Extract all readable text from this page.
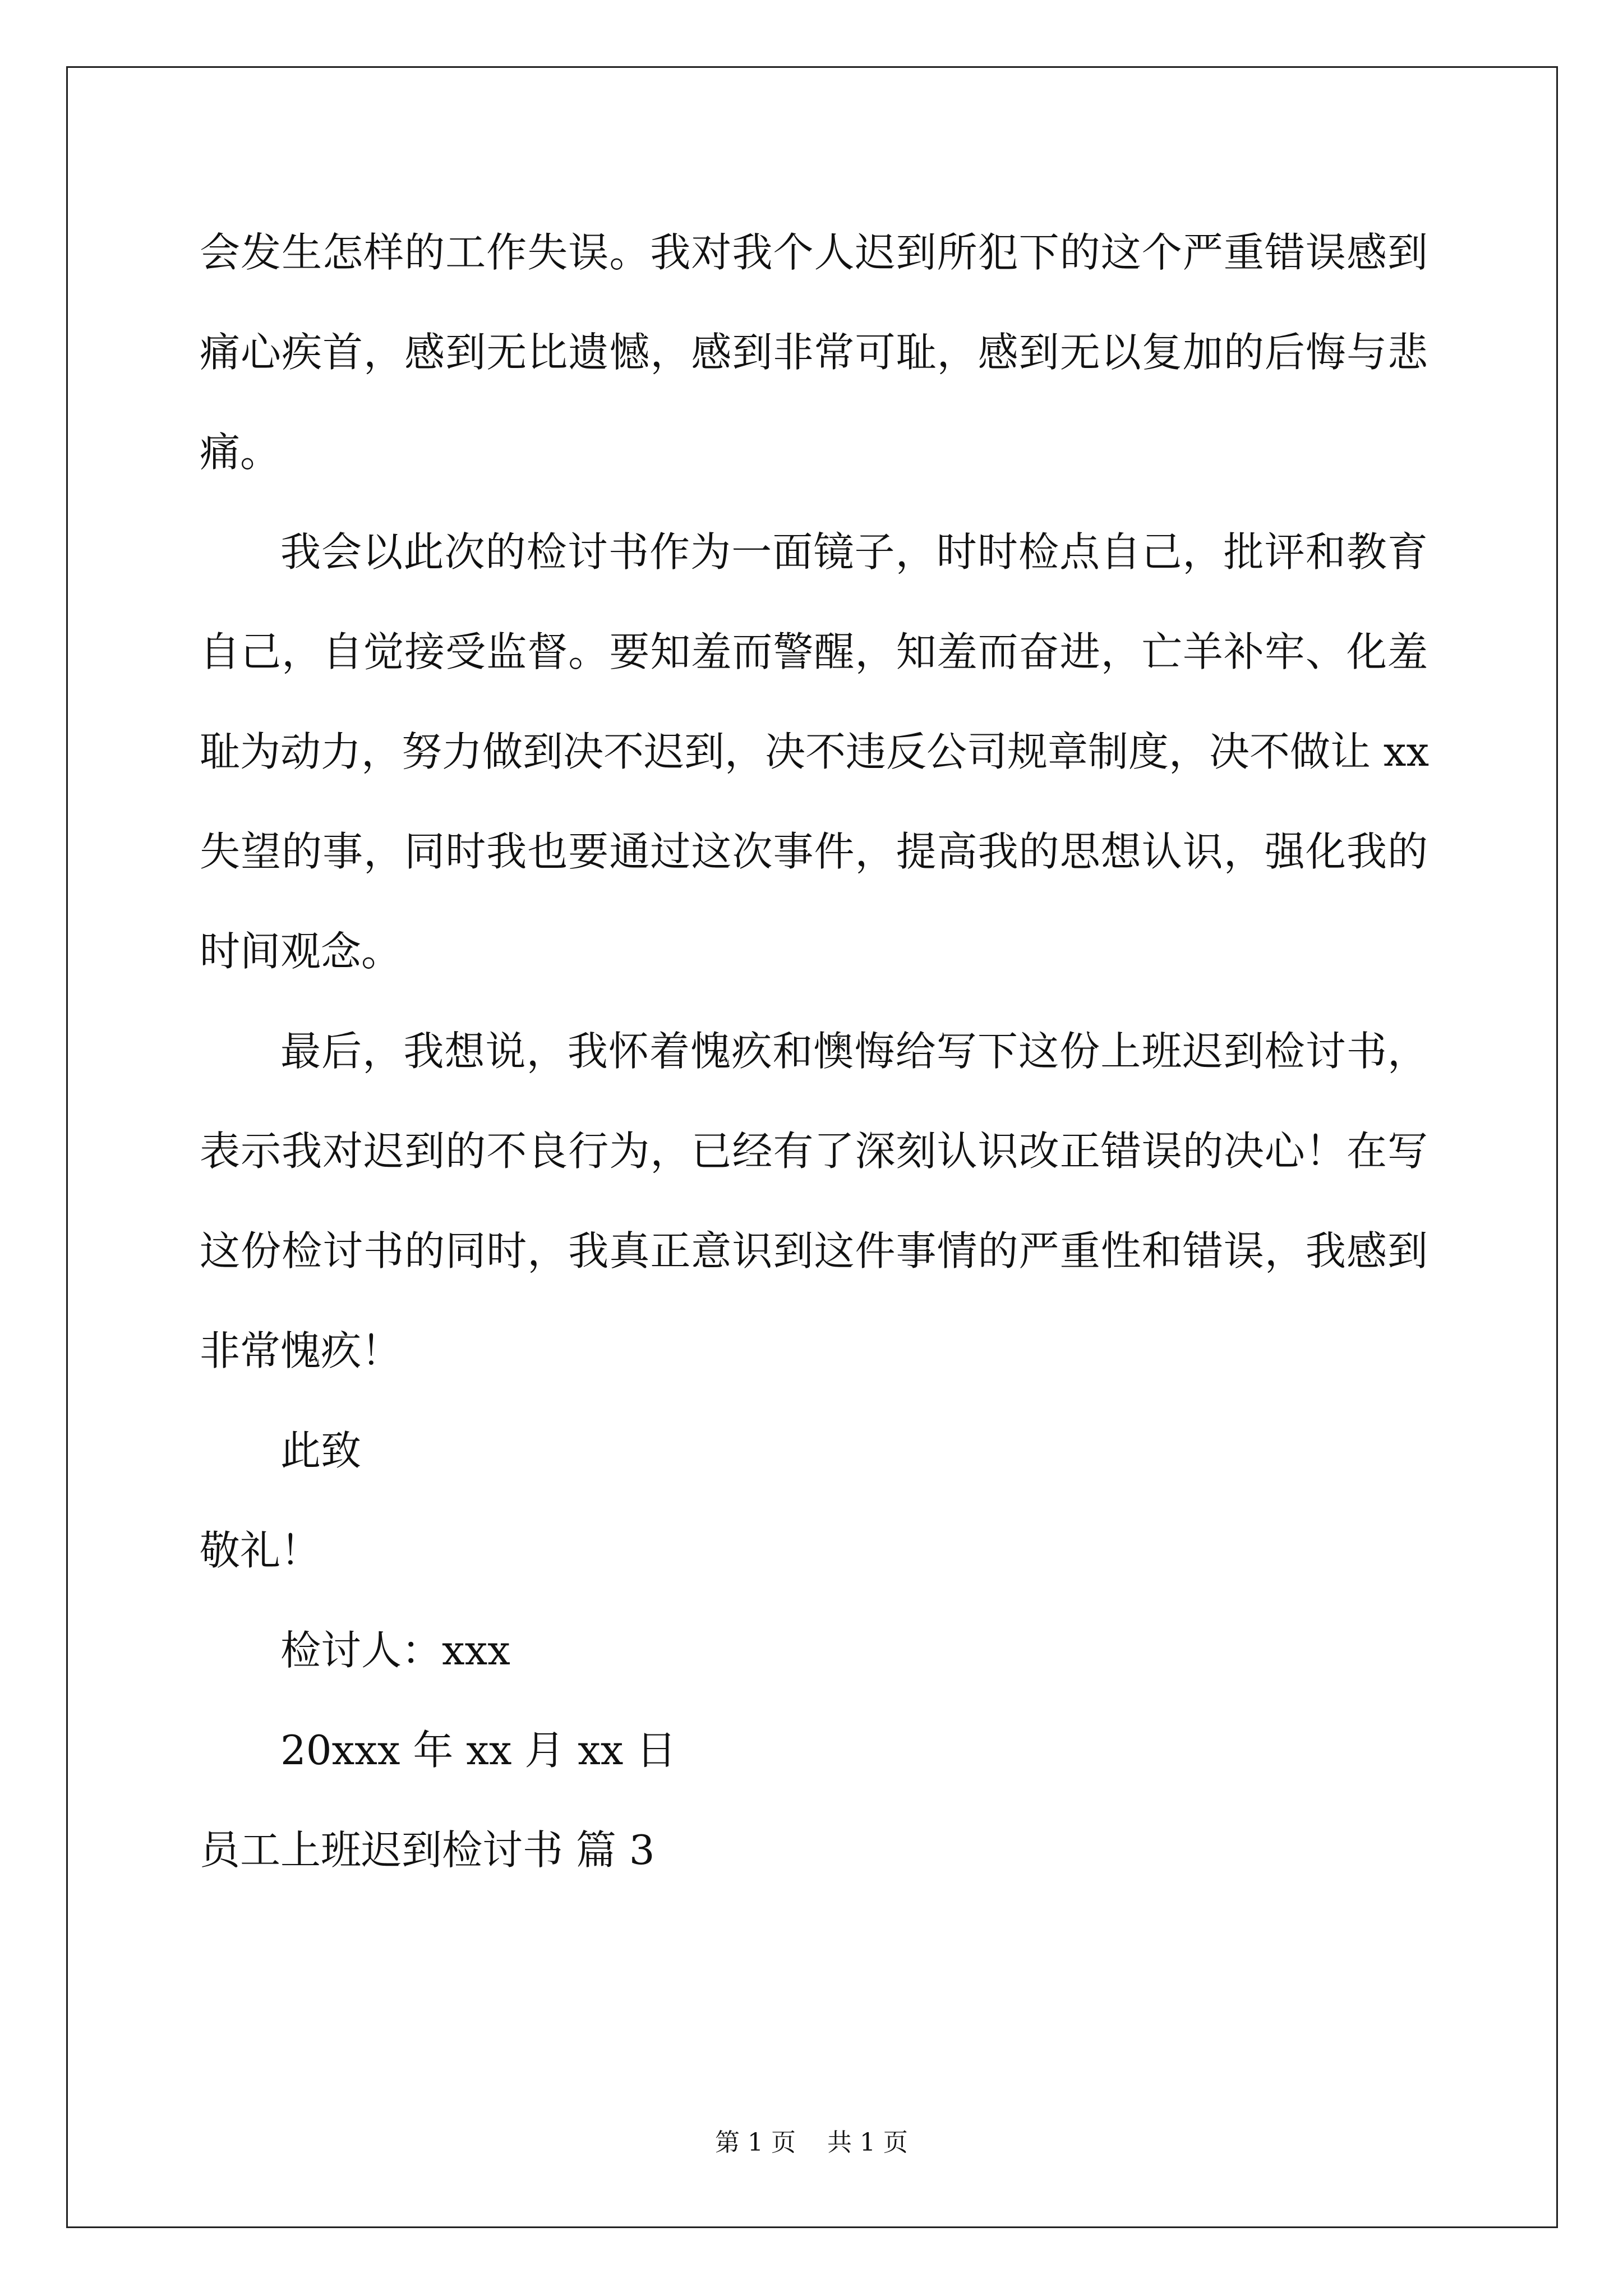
会发生怎样的工作失误。我对我个人迟到所犯下的这个严重错误感到
痛心疾首，感到无比遗憾，感到非常可耻，感到无以复加的后悔与悲
痛。
我会以此次的检讨书作为一面镜子，时时检点自己，批评和教育
自己，自觉接受监督。要知羞而警醒，知羞而奋进，亡羊补牢、化羞
耻为动力，努力做到决不迟到，决不违反公司规章制度，决不做让 xx
失望的事，同时我也要通过这次事件，提高我的思想认识，强化我的
时间观念。
最后，我想说，我怀着愧疚和懊悔给写下这份上班迟到检讨书，
表示我对迟到的不良行为，已经有了深刻认识改正错误的决心！在写
这份检讨书的同时，我真正意识到这件事情的严重性和错误，我感到
非常愧疚！
此致
敬礼！
检讨人：xxx
20xxx 年 xx 月 xx 日
员工上班迟到检讨书 篇 3
第 1 页    共 1 页
